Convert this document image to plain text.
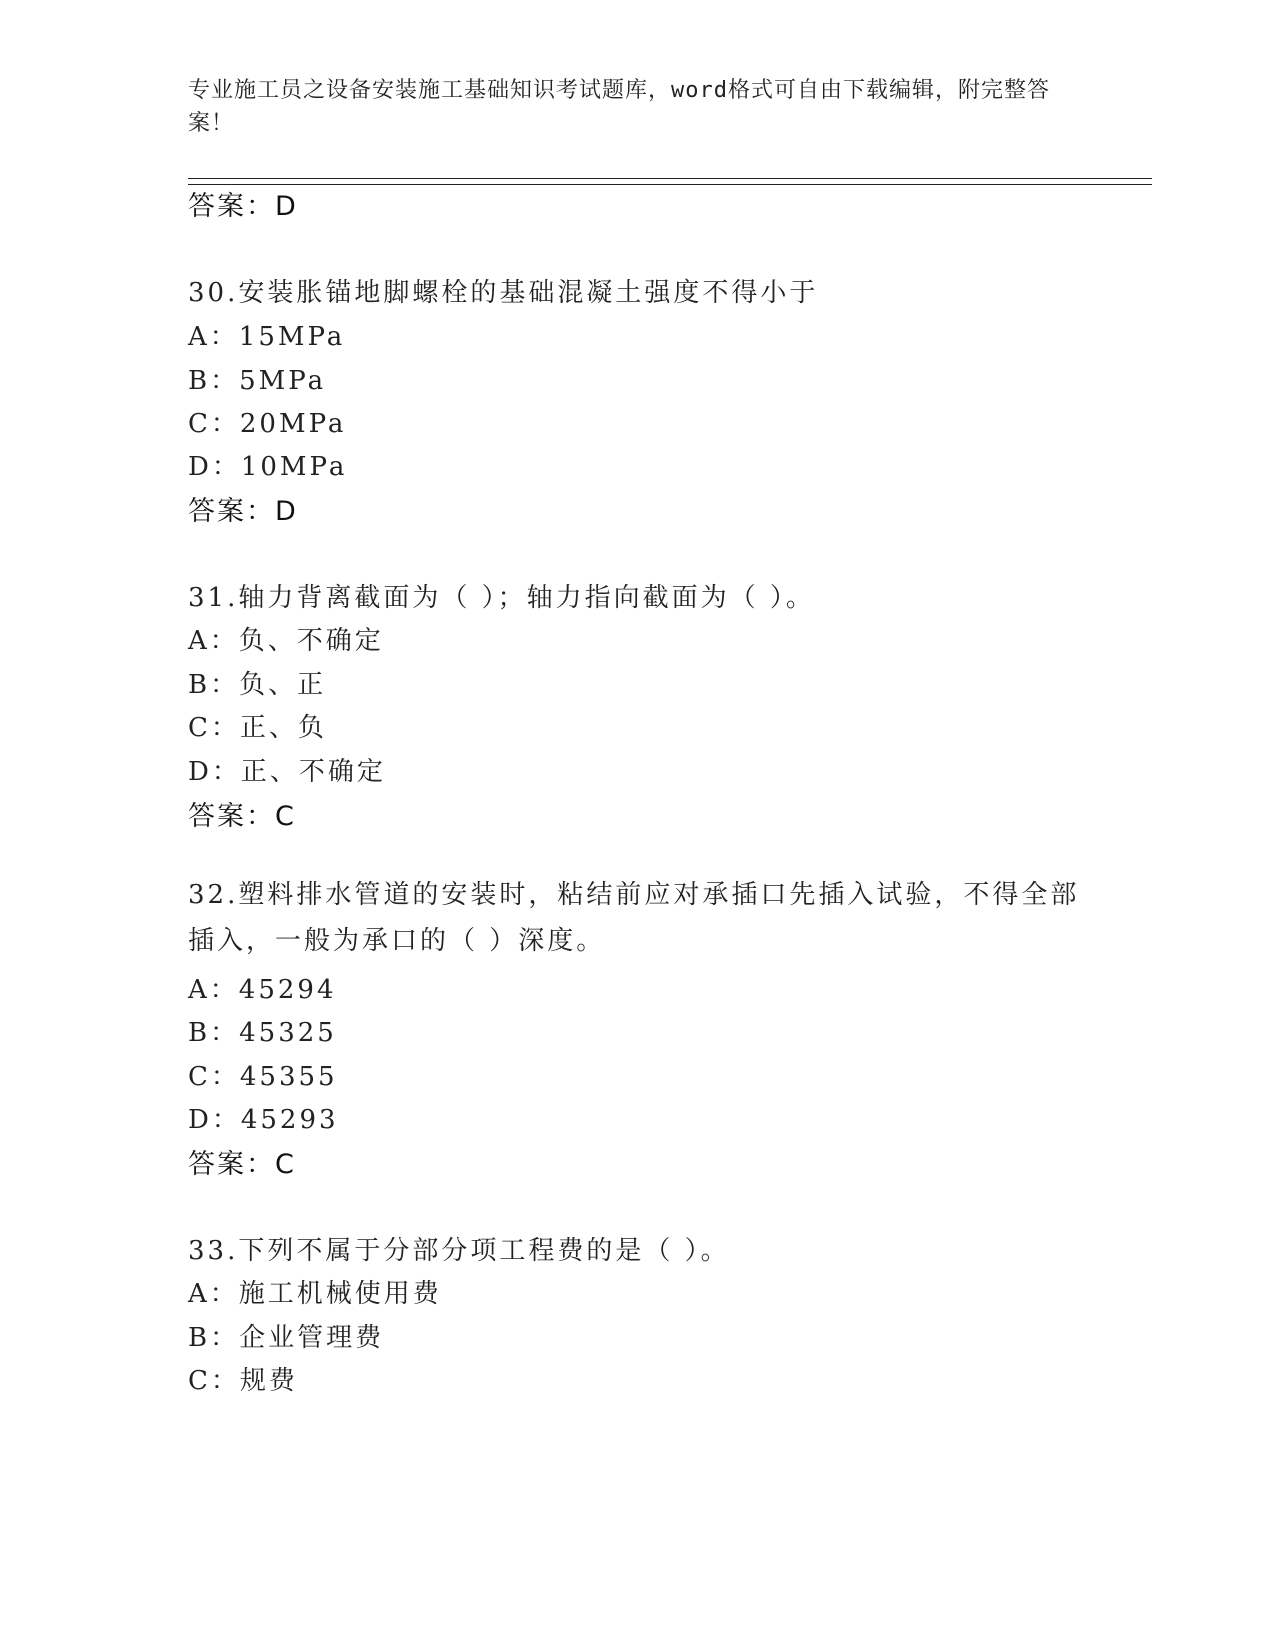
专业施工员之设备安装施工基础知识考试题库，word格式可自由下载编辑，附完整答案！
答案：D
30.安装胀锚地脚螺栓的基础混凝土强度不得小于
A：15MPa
B：5MPa
C：20MPa
D：10MPa
答案：D
31.轴力背离截面为（ ）；轴力指向截面为（ ）。
A：负、不确定
B：负、正
C：正、负
D：正、不确定
答案：C
32.塑料排水管道的安装时，粘结前应对承插口先插入试验，不得全部插入，一般为承口的（ ）深度。
A：45294
B：45325
C：45355
D：45293
答案：C
33.下列不属于分部分项工程费的是（ ）。
A：施工机械使用费
B：企业管理费
C：规费
